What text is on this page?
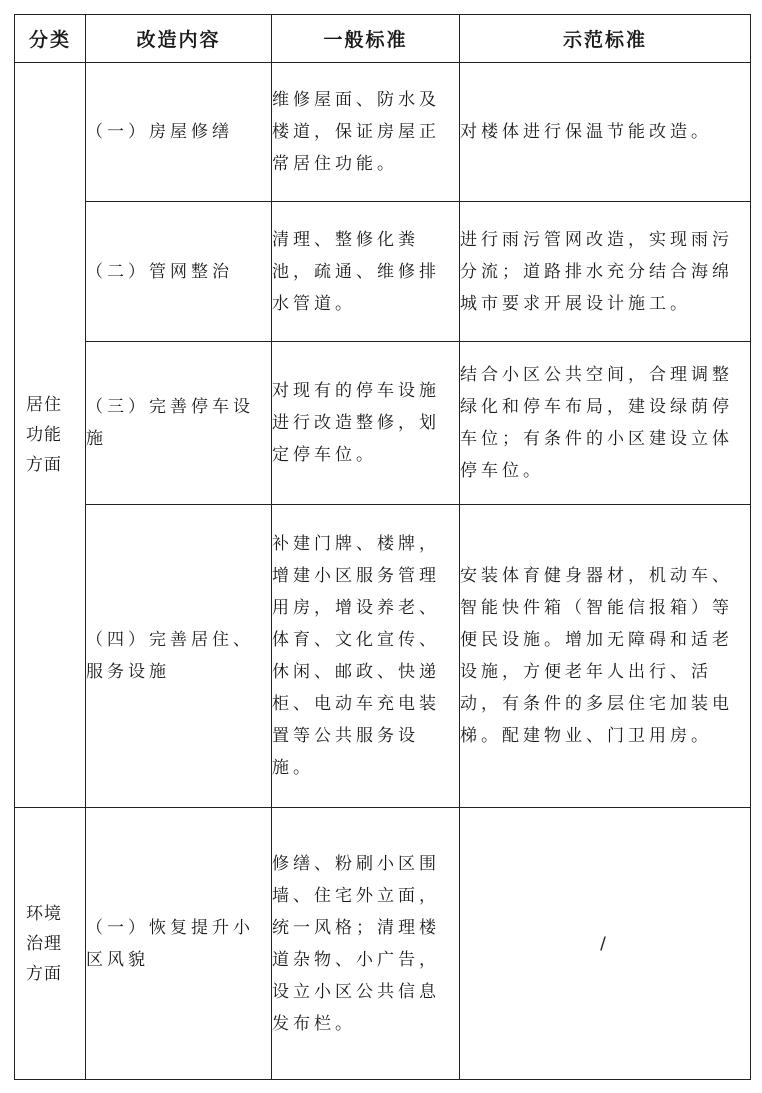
分类	改造内容	一般标准	示范标准
居住功能方面	（一）房屋修缮	维修屋面、防水及楼道，保证房屋正常居住功能。	对楼体进行保温节能改造。
	（二）管网整治	清理、整修化粪池，疏通、维修排水管道。	进行雨污管网改造，实现雨污分流；道路排水充分结合海绵城市要求开展设计施工。
	（三）完善停车设施	对现有的停车设施进行改造整修，划定停车位。	结合小区公共空间，合理调整绿化和停车布局，建设绿荫停车位；有条件的小区建设立体停车位。
	（四）完善居住、服务设施	补建门牌、楼牌，增建小区服务管理用房，增设养老、体育、文化宣传、休闲、邮政、快递柜、电动车充电装置等公共服务设施。	安装体育健身器材，机动车、智能快件箱（智能信报箱）等便民设施。增加无障碍和适老设施，方便老年人出行、活动，有条件的多层住宅加装电梯。配建物业、门卫用房。
环境治理方面	（一）恢复提升小区风貌	修缮、粉刷小区围墙、住宅外立面，统一风格；清理楼道杂物、小广告，设立小区公共信息发布栏。	/
